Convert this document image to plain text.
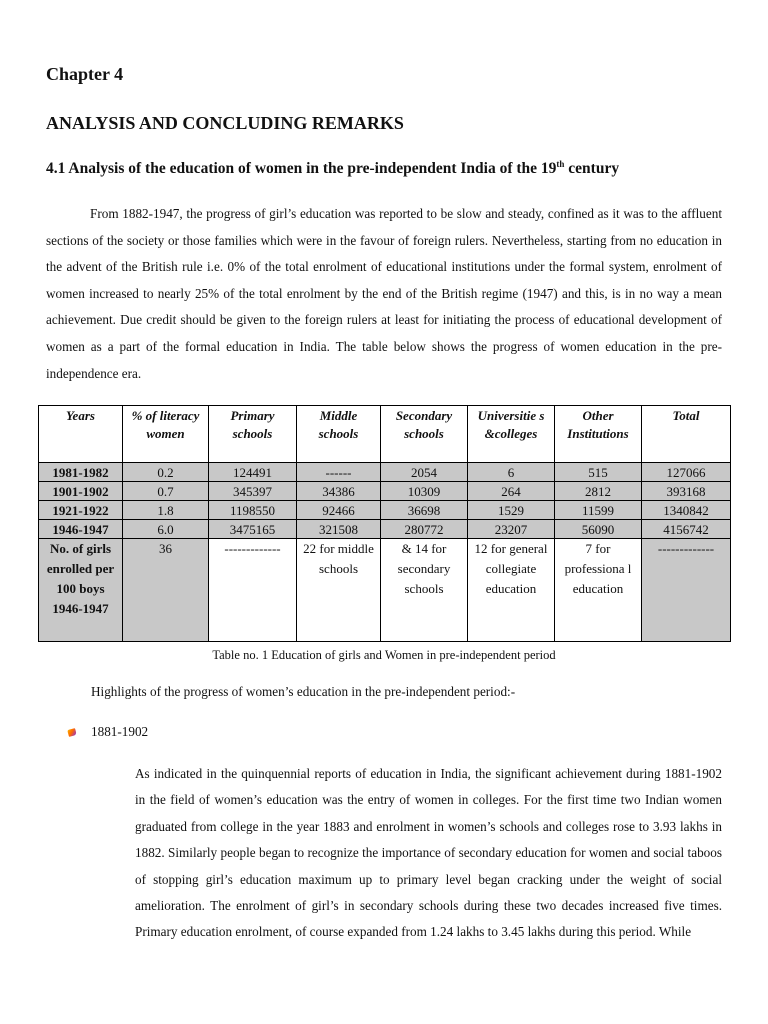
Chapter 4
ANALYSIS AND CONCLUDING REMARKS
4.1 Analysis of the education of women in the pre-independent India of the 19th century

From 1882-1947, the progress of girl’s education was reported to be slow and steady, confined as it was to the affluent sections of the society or those families which were in the favour of foreign rulers. Nevertheless, starting from no education in the advent of the British rule i.e. 0% of the total enrolment of educational institutions under the formal system, enrolment of women increased to nearly 25% of the total enrolment by the end of the British regime (1947) and this, is in no way a mean achievement. Due credit should be given to the foreign rulers at least for initiating the process of educational development of women as a part of the formal education in India. The table below shows the progress of women education in the pre-independence era.

Years	% of literacy women	Primary schools	Middle schools	Secondary schools	Universitie s &colleges	Other Institutions	Total
1981-1982	0.2	124491	------	2054	6	515	127066
1901-1902	0.7	345397	34386	10309	264	2812	393168
1921-1922	1.8	1198550	92466	36698	1529	11599	1340842
1946-1947	6.0	3475165	321508	280772	23207	56090	4156742
No. of girls enrolled per 100 boys 1946-1947	36	-------------	22 for middle schools	& 14 for secondary schools	12 for general collegiate education	7 for professiona l education	-------------

Table no. 1 Education of girls and Women in pre-independent period

Highlights of the progress of women’s education in the pre-independent period:-

1881-1902

As indicated in the quinquennial reports of education in India, the significant achievement during 1881-1902 in the field of women’s education was the entry of women in colleges. For the first time two Indian women graduated from college in the year 1883 and enrolment in women’s schools and colleges rose to 3.93 lakhs in 1882. Similarly people began to recognize the importance of secondary education for women and social taboos of stopping girl’s education maximum up to primary level began cracking under the weight of social amelioration. The enrolment of girl’s in secondary schools during these two decades increased five times. Primary education enrolment, of course expanded from 1.24 lakhs to 3.45 lakhs during this period. While
